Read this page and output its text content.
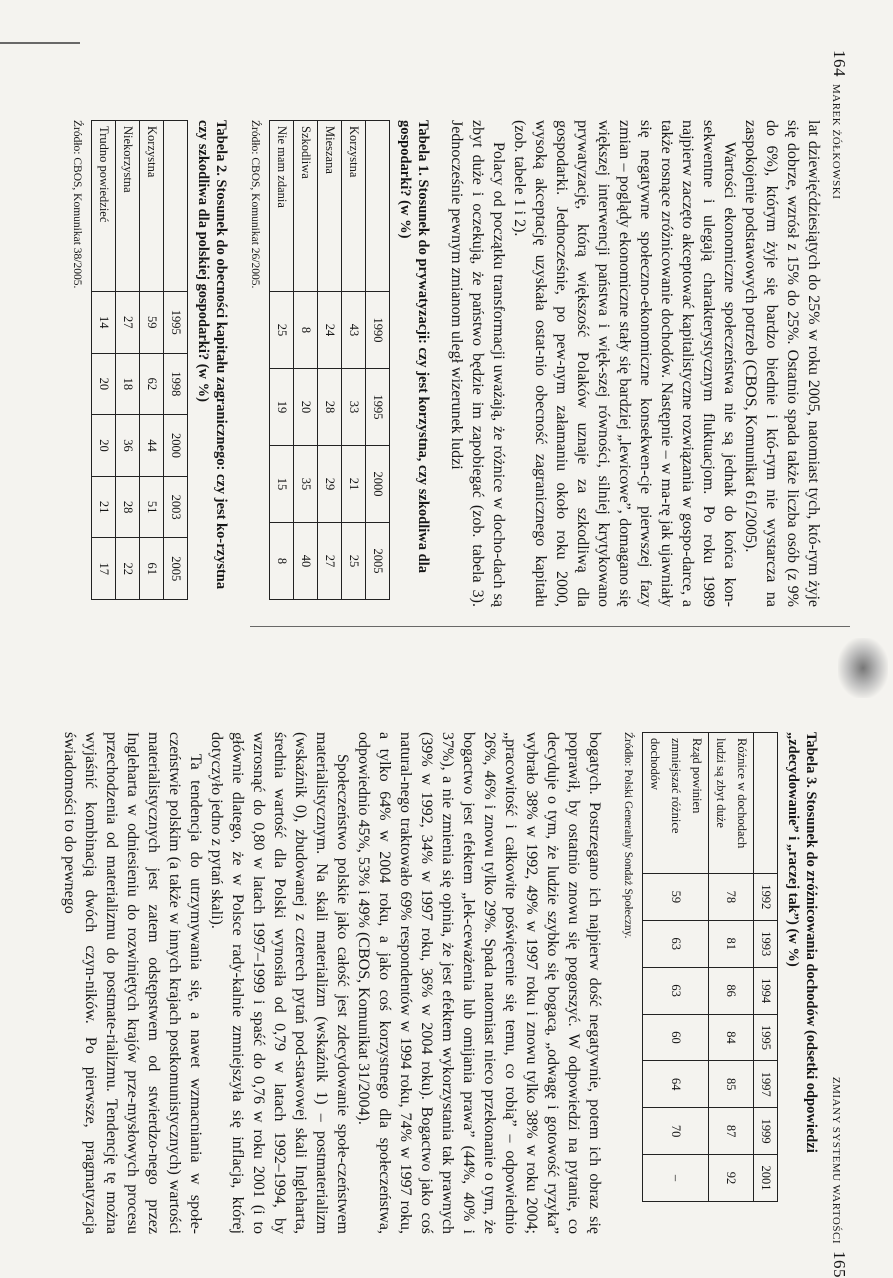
MAREK ŻÓŁKOWSKI
164

lat dziewięćdziesiątych do 25% w roku 2005, natomiast tych, któ-rym żyje się dobrze, wzrósł z 15% do 25%. Ostatnio spada także liczba osób (z 9% do 6%), którym żyje się bardzo biednie i któ-rym nie wystarcza na zaspokojenie podstawowych potrzeb (CBOS, Komunikat 61/2005).

Wartości ekonomiczne społeczeństwa nie są jednak do końca kon-sekwentne i ulegają charakterystycznym fluktuacjom. Po roku 1989 najpierw zaczęto akceptować kapitalistyczne rozwiązania w gospo-darce, a także rosnące zróżnicowanie dochodów. Następnie – w ma-rę jak ujawniały się negatywne społeczno-ekonomiczne konsekwen-cje pierwszej fazy zmian – poglądy ekonomiczne stały się bardziej „lewicowe”, domagano się większej interwencji państwa i więk-szej równości, silniej krytykowano prywatyzację, którą większość Polaków uznaje za szkodliwą dla gospodarki. Jednocześnie, po pew-nym załamaniu około roku 2000, wysoką akceptację uzyskała ostat-nio obecność zagranicznego kapitału (zob. tabele 1 i 2).

Polacy od początku transformacji uważają, że różnice w docho-dach są zbyt duże i oczekują, że państwo będzie im zapobiegać (zob. tabela 3). Jednocześnie pewnym zmianom uległ wizerunek ludzi

Tabela 1. Stosunek do prywatyzacji: czy jest korzystna, czy szkodliwa dla gospodarki? (w %)
	1990	1995	2000	2005
Korzystna	43	33	21	25
Mieszana	24	28	29	27
Szkodliwa	8	20	35	40
Nie mam zdania	25	19	15	8
Źródło: CBOS, Komunikat 26/2005.
Tabela 2. Stosunek do obecności kapitału zagranicznego: czy jest ko-rzystna czy szkodliwa dla polskiej gospodarki? (w %)
	1995	1998	2000	2003	2005
Korzystna	59	62	44	51	61
Niekorzystna	27	18	36	28	22
Trudno powiedzieć	14	20	20	21	17
Źródło: CBOS, Komunikat 38/2005.
ZMIANY SYSTEMU WARTOŚCI
165
Tabela 3. Stosunek do zróżnicowania dochodów (odsetki odpowiedzi „zdecydowanie” i „raczej tak”) (w %)
	1992	1993	1994	1995	1997	1999	2001
Różnice w dochodach ludzi są zbyt duże	78	81	86	84	85	87	92
Rząd powinien zmniejszać różnice dochodów	59	63	63	60	64	70	–
Źródło: Polski Generalny Sondaż Społeczny.

bogatych. Postrzegano ich najpierw dość negatywnie, potem ich obraz się poprawił, by ostatnio znowu się pogorszyć. W odpowiedzi na pytanie, co decyduje o tym, że ludzie szybko się bogacą, „odwagę i gotowość ryzyka” wybrało 38% w 1992, 49% w 1997 roku i znowu tylko 38% w roku 2004; „pracowitość i całkowite poświęcenie się temu, co robią” – odpowiednio 26%, 46% i znowu tylko 29%. Spada natomiast nieco przekonanie o tym, że bogactwo jest efektem „lek-ceważenia lub omijania prawa” (44%, 40% i 37%), a nie zmienia się opinia, że jest efektem wykorzystania tak prawnych (39% w 1992, 34% w 1997 roku, 36% w 2004 roku). Bogactwo jako coś natural-nego traktowało 69% respondentów w 1994 roku, 74% w 1997 roku, a tylko 64% w 2004 roku, a jako coś korzystnego dla społeczeństwa, odpowiednio 45%, 53% i 49% (CBOS, Komunikat 31/2004).

Społeczeństwo polskie jako całość jest zdecydowanie społe-czeństwem materialistycznym. Na skali materializm (wskaźnik 1) – postmaterializm (wskaźnik 0), zbudowanej z czterech pytań pod-stawowej skali Ingleharta, średnia wartość dla Polski wynosiła od 0,79 w latach 1992–1994, by wzrosnąć do 0,80 w latach 1997–1999 i spaść do 0,76 w roku 2001 (i to głównie dlatego, że w Polsce rady-kalnie zmniejszyła się inflacja, której dotyczyło jedno z pytań skali).

Ta tendencja do utrzymywania się, a nawet wzmacniania w społe-czeństwie polskim (a także w innych krajach postkomunistycznych) wartości materialistycznych jest zatem odstępstwem od stwierdzo-nego przez Ingleharta w odniesieniu do rozwiniętych krajów prze-mysłowych procesu przechodzenia od materializmu do postmate-rializmu. Tendencję tę można wyjaśnić kombinacją dwóch czyn-ników. Po pierwsze, pragmatyzacja świadomości to do pewnego
